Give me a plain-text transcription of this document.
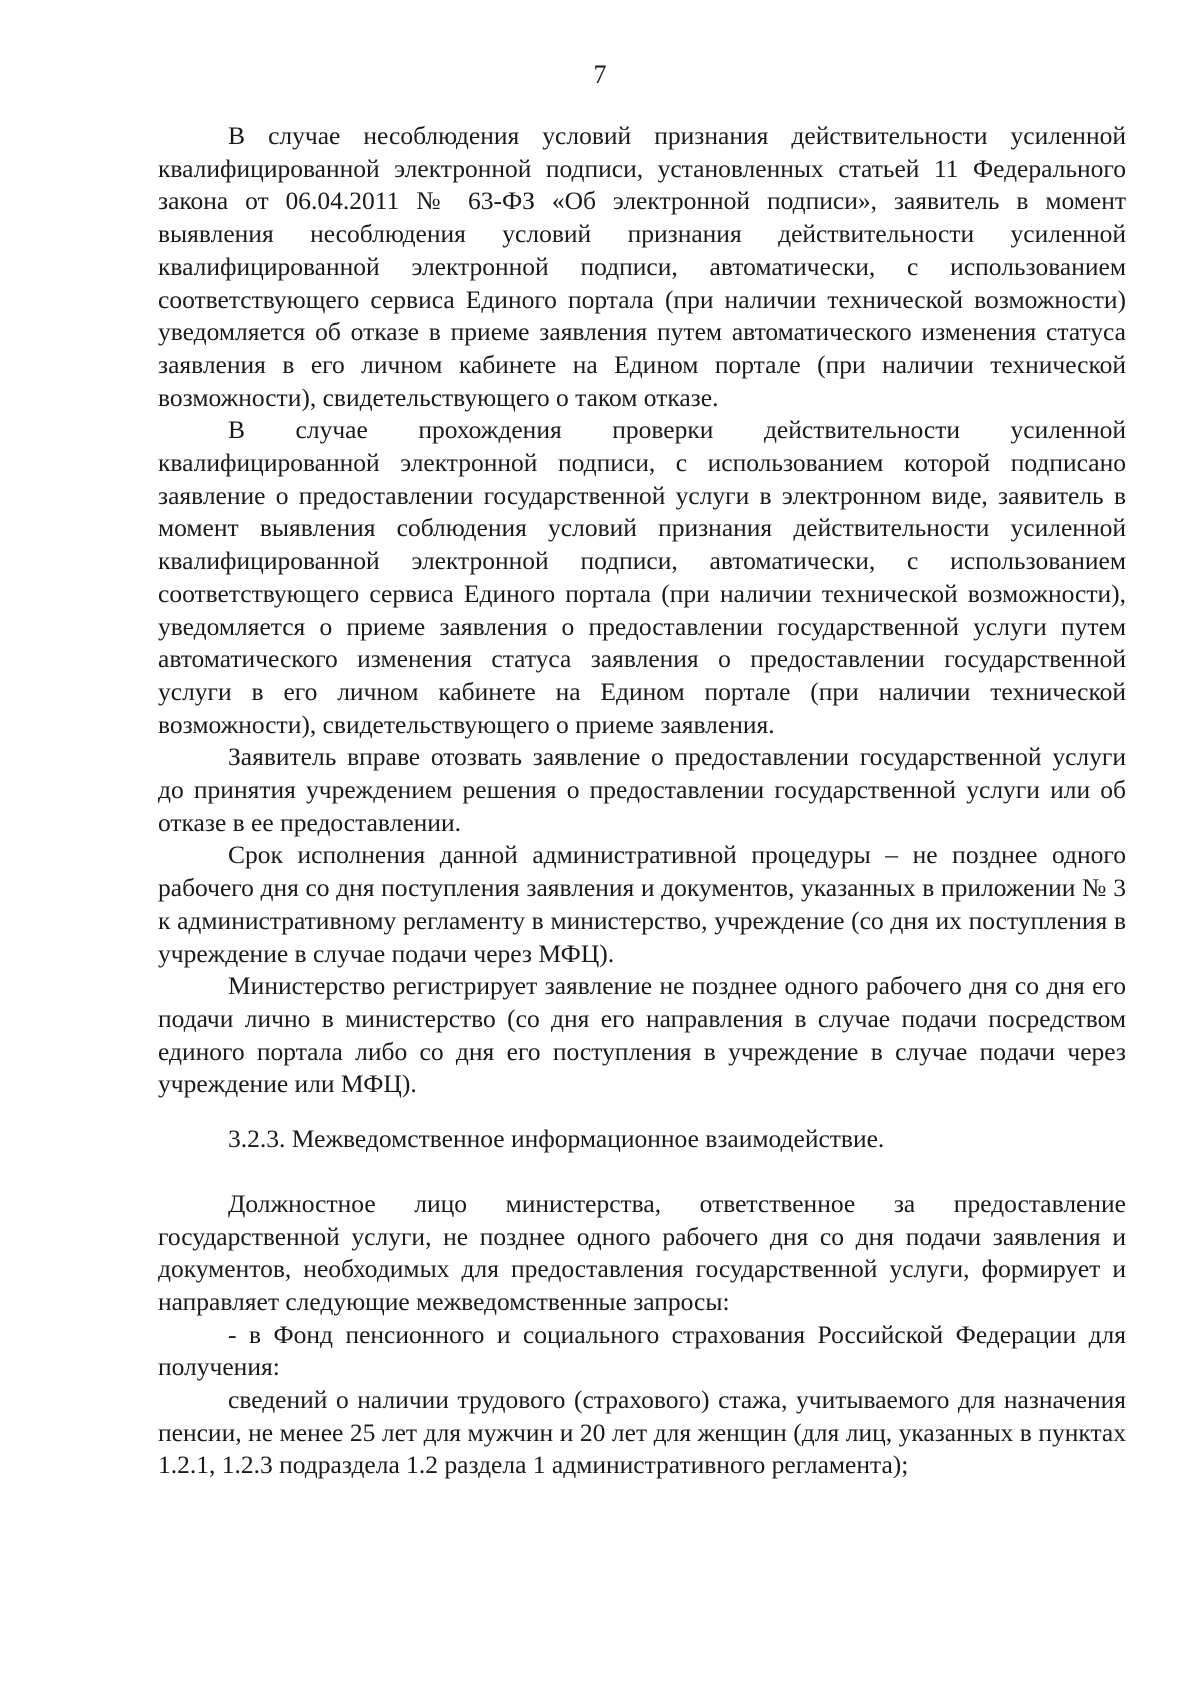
7

В случае несоблюдения условий признания действительности усиленной квалифицированной электронной подписи, установленных статьей 11 Федерального закона от 06.04.2011 № 63-ФЗ «Об электронной подписи», заявитель в момент выявления несоблюдения условий признания действительности усиленной квалифицированной электронной подписи, автоматически, с использованием соответствующего сервиса Единого портала (при наличии технической возможности) уведомляется об отказе в приеме заявления путем автоматического изменения статуса заявления в его личном кабинете на Едином портале (при наличии технической возможности), свидетельствующего о таком отказе.

В случае прохождения проверки действительности усиленной квалифицированной электронной подписи, с использованием которой подписано заявление о предоставлении государственной услуги в электронном виде, заявитель в момент выявления соблюдения условий признания действительности усиленной квалифицированной электронной подписи, автоматически, с использованием соответствующего сервиса Единого портала (при наличии технической возможности), уведомляется о приеме заявления о предоставлении государственной услуги путем автоматического изменения статуса заявления о предоставлении государственной услуги в его личном кабинете на Едином портале (при наличии технической возможности), свидетельствующего о приеме заявления.

Заявитель вправе отозвать заявление о предоставлении государственной услуги до принятия учреждением решения о предоставлении государственной услуги или об отказе в ее предоставлении.

Срок исполнения данной административной процедуры – не позднее одного рабочего дня со дня поступления заявления и документов, указанных в приложении № 3 к административному регламенту в министерство, учреждение (со дня их поступления в учреждение в случае подачи через МФЦ).

Министерство регистрирует заявление не позднее одного рабочего дня со дня его подачи лично в министерство (со дня его направления в случае подачи посредством единого портала либо со дня его поступления в учреждение в случае подачи через учреждение или МФЦ).

3.2.3. Межведомственное информационное взаимодействие.

Должностное лицо министерства, ответственное за предоставление государственной услуги, не позднее одного рабочего дня со дня подачи заявления и документов, необходимых для предоставления государственной услуги, формирует и направляет следующие межведомственные запросы:

- в Фонд пенсионного и социального страхования Российской Федерации для получения:

сведений о наличии трудового (страхового) стажа, учитываемого для назначения пенсии, не менее 25 лет для мужчин и 20 лет для женщин (для лиц, указанных в пунктах 1.2.1, 1.2.3 подраздела 1.2 раздела 1 административного регламента);
